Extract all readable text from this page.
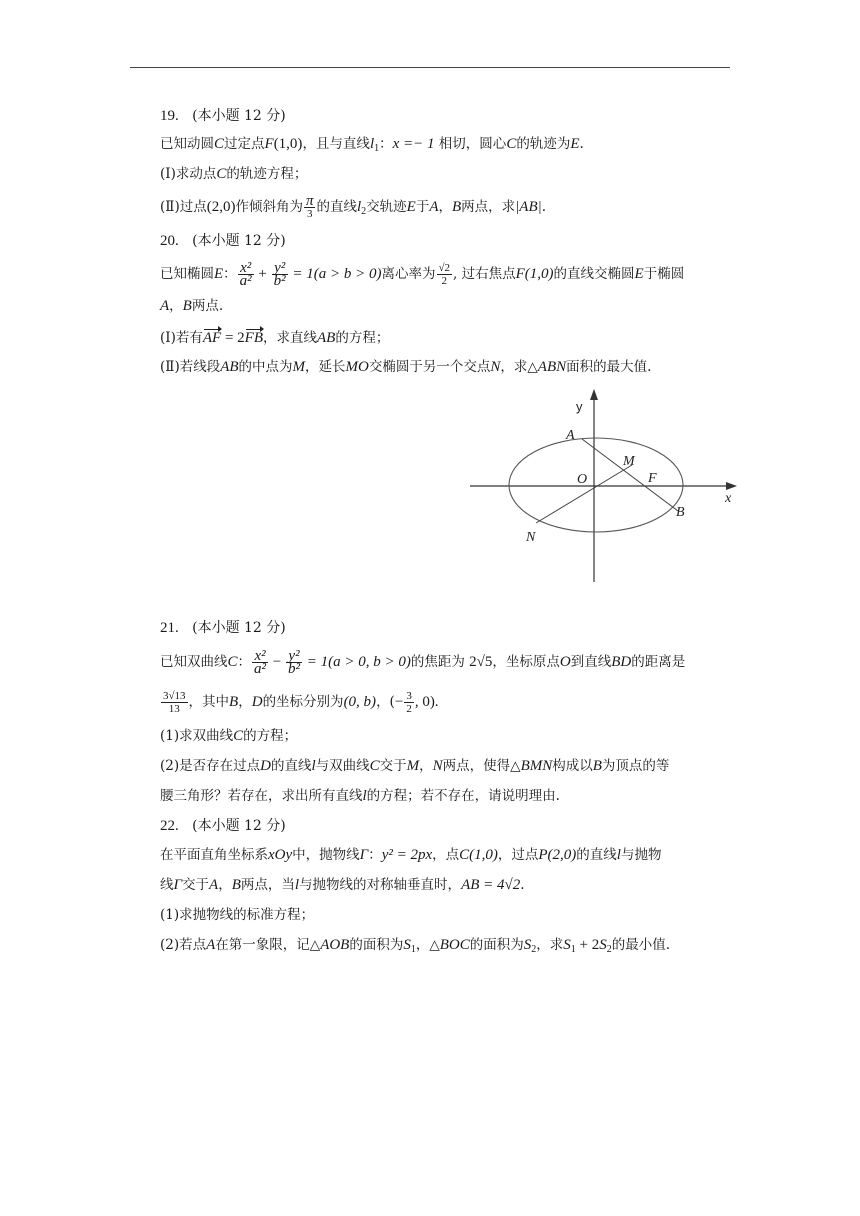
19. (本小题 12 分)
已知动圆C过定点F(1,0)，且与直线$l_1$：x =− 1 相切，圆心C的轨迹为E.
(Ⅰ)求动点C的轨迹方程；
(Ⅱ)过点(2,0)作倾斜角为 $\frac{\pi}{3}$ 的直线$l_2$交轨迹E于A，B两点，求|AB|.
20. (本小题 12 分)
已知椭圆E： $\frac{\text{x²}}{\text{a²}} + \frac{\text{y²}}{\text{b²}} = 1(a > b > 0)$离心率为 $\frac{√2}{2}$ , 过右焦点F(1,0)的直线交椭圆E于椭圆
A，B两点.
(Ⅰ)若有AF = 2FB，求直线AB的方程；
(Ⅱ)若线段AB的中点为M，延长MO交椭圆于另一个交点N，求△ABN面积的最大值.
y
x
A
M
O	F
B
N
21. (本小题 12 分)
已知双曲线C： $\frac{\text{x²}}{\text{a²}} - \frac{\text{y²}}{\text{b²}} = 1(a > 0$, b > 0)的焦距为 2√5，坐标原点O到直线BD的距离是
$\frac{3√13}{13}$ ，其中B，D的坐标分别为(0, b)，(− $\frac{3}{2}$ , 0).
(1)求双曲线C的方程；
(2)是否存在过点D的直线l与双曲线C交于M，N两点，使得△BMN构成以B为顶点的等
腰三角形？若存在，求出所有直线l的方程；若不存在，请说明理由.
22. (本小题 12 分)
在平面直角坐标系xOy中，抛物线Γ：y² = 2px，点C(1,0)，过点P(2,0)的直线l与抛物
线Γ交于A，B两点，当l与抛物线的对称轴垂直时，AB = 4√2.
(1)求抛物线的标准方程；
(2)若点A在第一象限，记△AOB的面积为$S_1$，△BOC的面积为$S_2$，求$S_1 + 2S_2$的最小值.
